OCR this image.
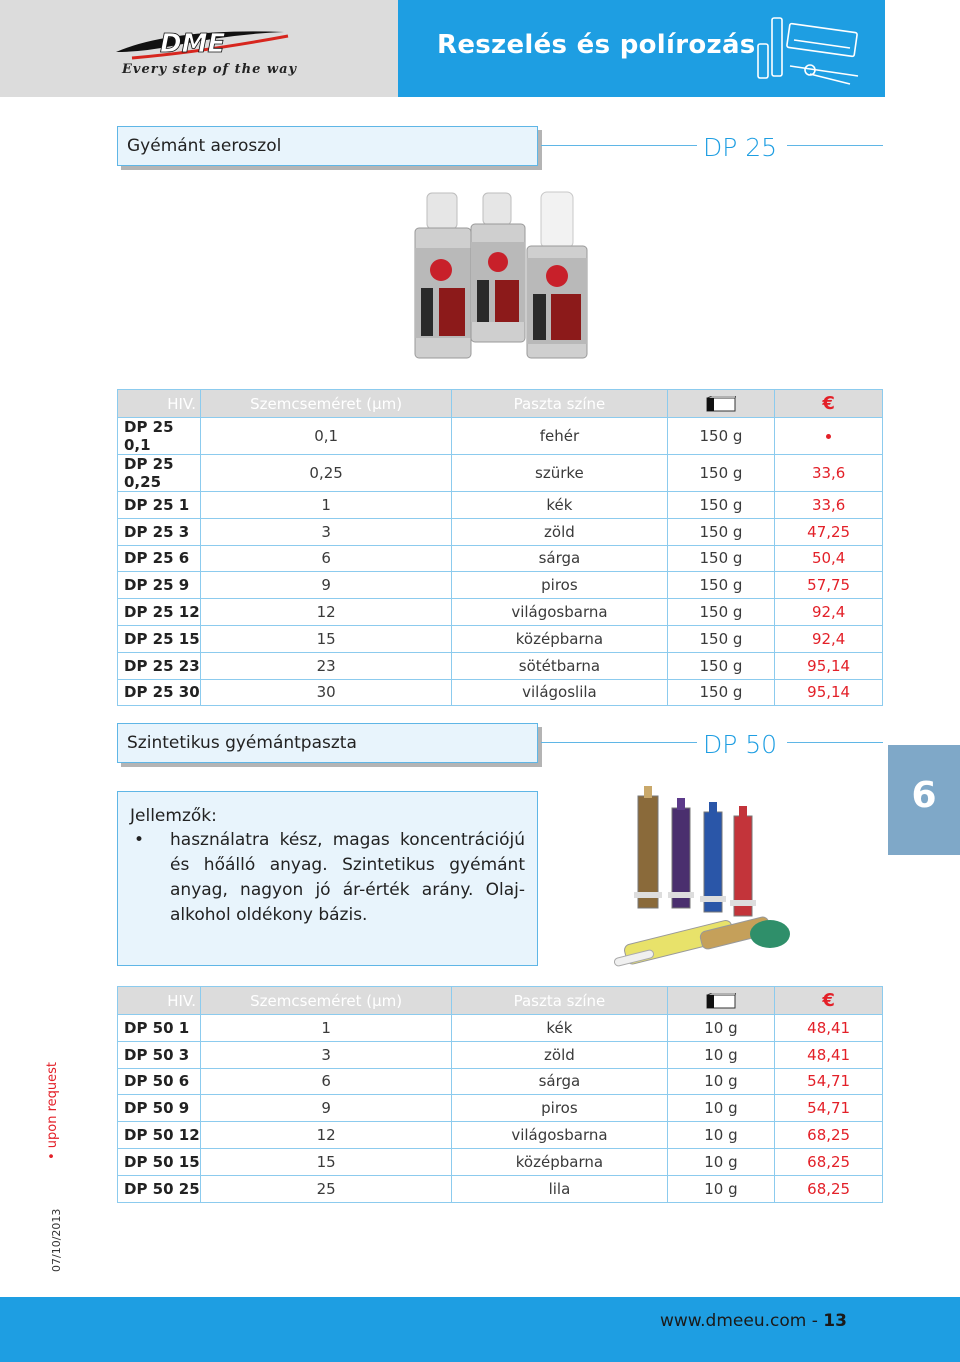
DME
Every step of the way
Reszelés és polírozás
Gyémánt aeroszol	DP 25
HIV.	Szemcseméret (µm)	Paszta színe		€
DP 25 0,1	0,1	fehér	150 g	
DP 25 0,25	0,25	szürke	150 g	33,6
DP 25 1	1	kék	150 g	33,6
DP 25 3	3	zöld	150 g	47,25
DP 25 6	6	sárga	150 g	50,4
DP 25 9	9	piros	150 g	57,75
DP 25 12	12	világosbarna	150 g	92,4
DP 25 15	15	középbarna	150 g	92,4
DP 25 23	23	sötétbarna	150 g	95,14
DP 25 30	30	világoslila	150 g	95,14
Szintetikus gyémántpaszta	DP 50
Jellemzők:
• használatra kész, magas koncentrációjú és hőálló anyag. Szintetikus gyémánt anyag, nagyon jó ár-érték arány. Olaj-alkohol oldékony bázis.
6
HIV.	Szemcseméret (µm)	Paszta színe		€
DP 50 1	1	kék	10 g	48,41
DP 50 3	3	zöld	10 g	48,41
DP 50 6	6	sárga	10 g	54,71
DP 50 9	9	piros	10 g	54,71
DP 50 12	12	világosbarna	10 g	68,25
DP 50 15	15	középbarna	10 g	68,25
DP 50 25	25	lila	10 g	68,25
• upon request
07/10/2013
www.dmeeu.com - 13
